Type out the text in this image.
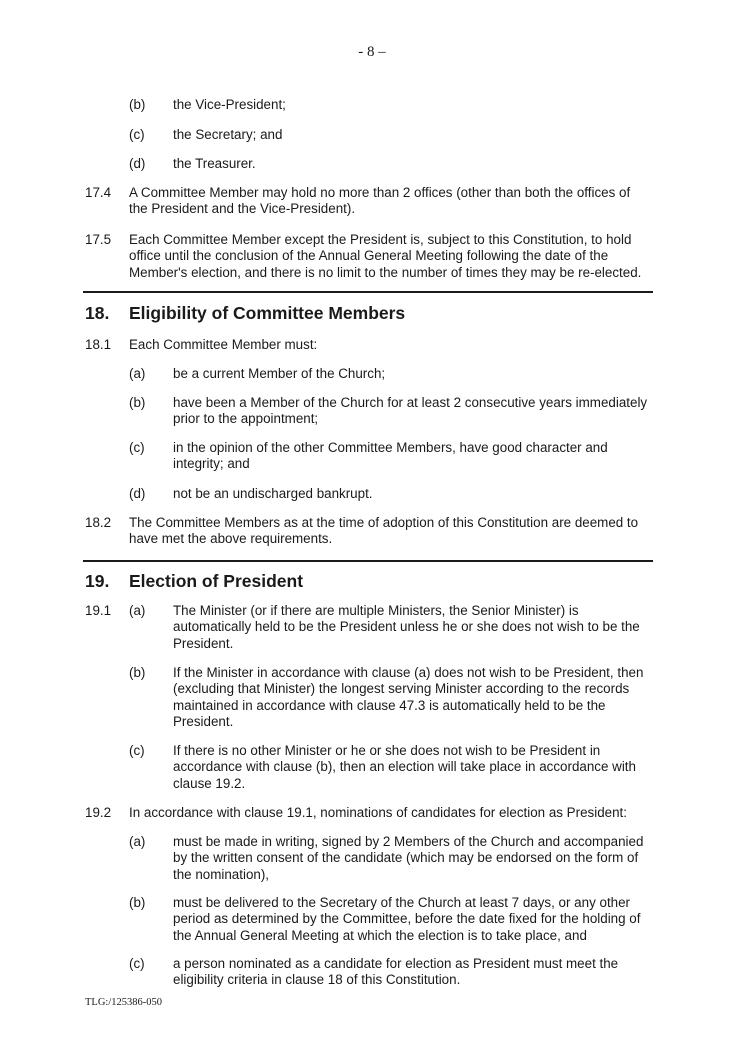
- 8 –
(b) the Vice-President;
(c) the Secretary; and
(d) the Treasurer.
17.4 A Committee Member may hold no more than 2 offices (other than both the offices of the President and the Vice-President).
17.5 Each Committee Member except the President is, subject to this Constitution, to hold office until the conclusion of the Annual General Meeting following the date of the Member's election, and there is no limit to the number of times they may be re-elected.
18. Eligibility of Committee Members
18.1 Each Committee Member must:
(a) be a current Member of the Church;
(b) have been a Member of the Church for at least 2 consecutive years immediately prior to the appointment;
(c) in the opinion of the other Committee Members, have good character and integrity; and
(d) not be an undischarged bankrupt.
18.2 The Committee Members as at the time of adoption of this Constitution are deemed to have met the above requirements.
19. Election of President
19.1 (a) The Minister (or if there are multiple Ministers, the Senior Minister) is automatically held to be the President unless he or she does not wish to be the President.
(b) If the Minister in accordance with clause (a) does not wish to be President, then (excluding that Minister) the longest serving Minister according to the records maintained in accordance with clause 47.3 is automatically held to be the President.
(c) If there is no other Minister or he or she does not wish to be President in accordance with clause (b), then an election will take place in accordance with clause 19.2.
19.2 In accordance with clause 19.1, nominations of candidates for election as President:
(a) must be made in writing, signed by 2 Members of the Church and accompanied by the written consent of the candidate (which may be endorsed on the form of the nomination),
(b) must be delivered to the Secretary of the Church at least 7 days, or any other period as determined by the Committee, before the date fixed for the holding of the Annual General Meeting at which the election is to take place, and
(c) a person nominated as a candidate for election as President must meet the eligibility criteria in clause 18 of this Constitution.
TLG:/125386-050
